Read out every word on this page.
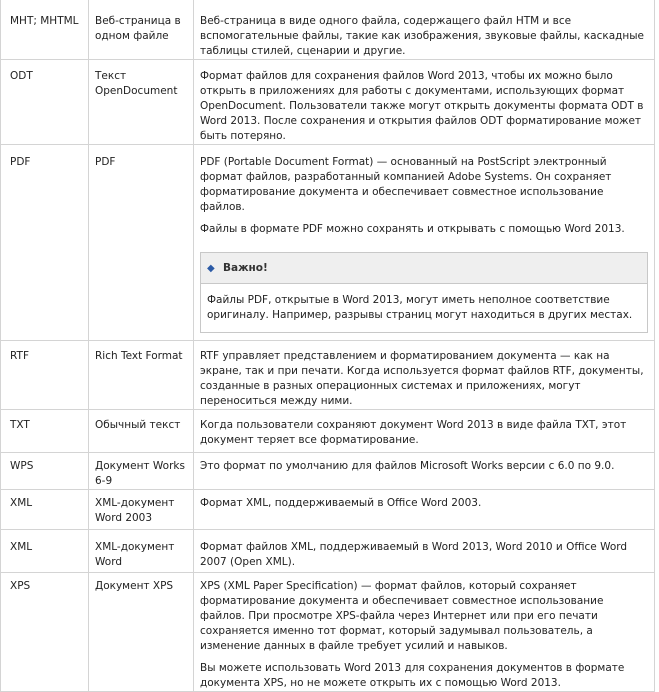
MHT; MHTML	Веб-страница в одном файле	Веб-страница в виде одного файла, содержащего файл HTM и все вспомогательные файлы, такие как изображения, звуковые файлы, каскадные таблицы стилей, сценарии и другие.

ODT	Текст OpenDocument	Формат файлов для сохранения файлов Word 2013, чтобы их можно было открыть в приложениях для работы с документами, использующих формат OpenDocument. Пользователи также могут открыть документы формата ODT в Word 2013. После сохранения и открытия файлов ODT форматирование может быть потеряно.

PDF	PDF	PDF (Portable Document Format) — основанный на PostScript электронный формат файлов, разработанный компанией Adobe Systems. Он сохраняет форматирование документа и обеспечивает совместное использование файлов.

Файлы в формате PDF можно сохранять и открывать с помощью Word 2013.

◆ Важно!
Файлы PDF, открытые в Word 2013, могут иметь неполное соответствие оригиналу. Например, разрывы страниц могут находиться в других местах.

RTF	Rich Text Format	RTF управляет представлением и форматированием документа — как на экране, так и при печати. Когда используется формат файлов RTF, документы, созданные в разных операционных системах и приложениях, могут переноситься между ними.

TXT	Обычный текст	Когда пользователи сохраняют документ Word 2013 в виде файла TXT, этот документ теряет все форматирование.

WPS	Документ Works 6-9	Это формат по умолчанию для файлов Microsoft Works версии с 6.0 по 9.0.

XML	XML-документ Word 2003	Формат XML, поддерживаемый в Office Word 2003.

XML	XML-документ Word	Формат файлов XML, поддерживаемый в Word 2013, Word 2010 и Office Word 2007 (Open XML).

XPS	Документ XPS	XPS (XML Paper Specification) — формат файлов, который сохраняет форматирование документа и обеспечивает совместное использование файлов. При просмотре XPS-файла через Интернет или при его печати сохраняется именно тот формат, который задумывал пользователь, а изменение данных в файле требует усилий и навыков.

Вы можете использовать Word 2013 для сохранения документов в формате документа XPS, но не можете открыть их с помощью Word 2013.
